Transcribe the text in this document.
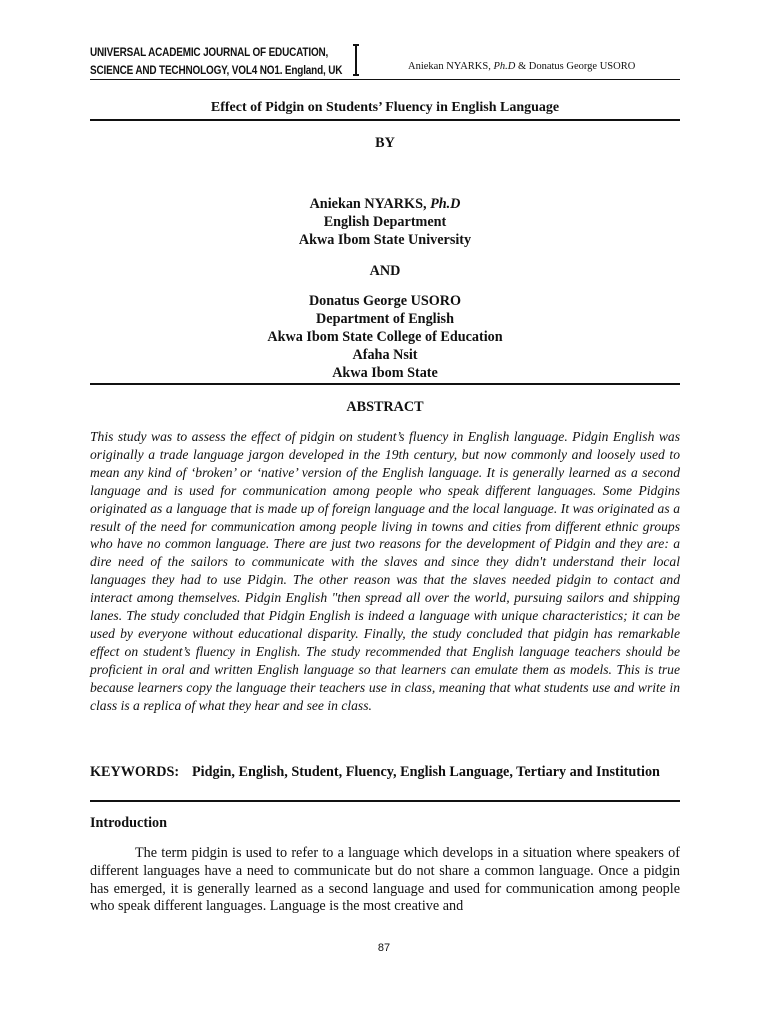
UNIVERSAL ACADEMIC JOURNAL OF EDUCATION,
SCIENCE AND TECHNOLOGY, VOL4 NO1. England, UK	Aniekan NYARKS, Ph.D & Donatus George USORO
Effect of Pidgin on Students’ Fluency in English Language
BY
Aniekan NYARKS, Ph.D
English Department
Akwa Ibom State University
AND
Donatus George USORO
Department of English
Akwa Ibom State College of Education
Afaha Nsit
Akwa Ibom State
ABSTRACT
This study was to assess the effect of pidgin on student’s fluency in English language. Pidgin English was originally a trade language jargon developed in the 19th century, but now commonly and loosely used to mean any kind of ‘broken’ or ‘native’ version of the English language. It is generally learned as a second language and is used for communication among people who speak different languages. Some Pidgins originated as a language that is made up of foreign language and the local language. It was originated as a result of the need for communication among people living in towns and cities from different ethnic groups who have no common language. There are just two reasons for the development of Pidgin and they are: a dire need of the sailors to communicate with the slaves and since they didn't understand their local languages they had to use Pidgin. The other reason was that the slaves needed pidgin to contact and interact among themselves. Pidgin English "then spread all over the world, pursuing sailors and shipping lanes. The study concluded that Pidgin English is indeed a language with unique characteristics; it can be used by everyone without educational disparity. Finally, the study concluded that pidgin has remarkable effect on student’s fluency in English. The study recommended that English language teachers should be proficient in oral and written English language so that learners can emulate them as models. This is true because learners copy the language their teachers use in class, meaning that what students use and write in class is a replica of what they hear and see in class.
KEYWORDS: Pidgin, English, Student, Fluency, English Language, Tertiary and Institution
Introduction
The term pidgin is used to refer to a language which develops in a situation where speakers of different languages have a need to communicate but do not share a common language. Once a pidgin has emerged, it is generally learned as a second language and used for communication among people who speak different languages. Language is the most creative and
87
